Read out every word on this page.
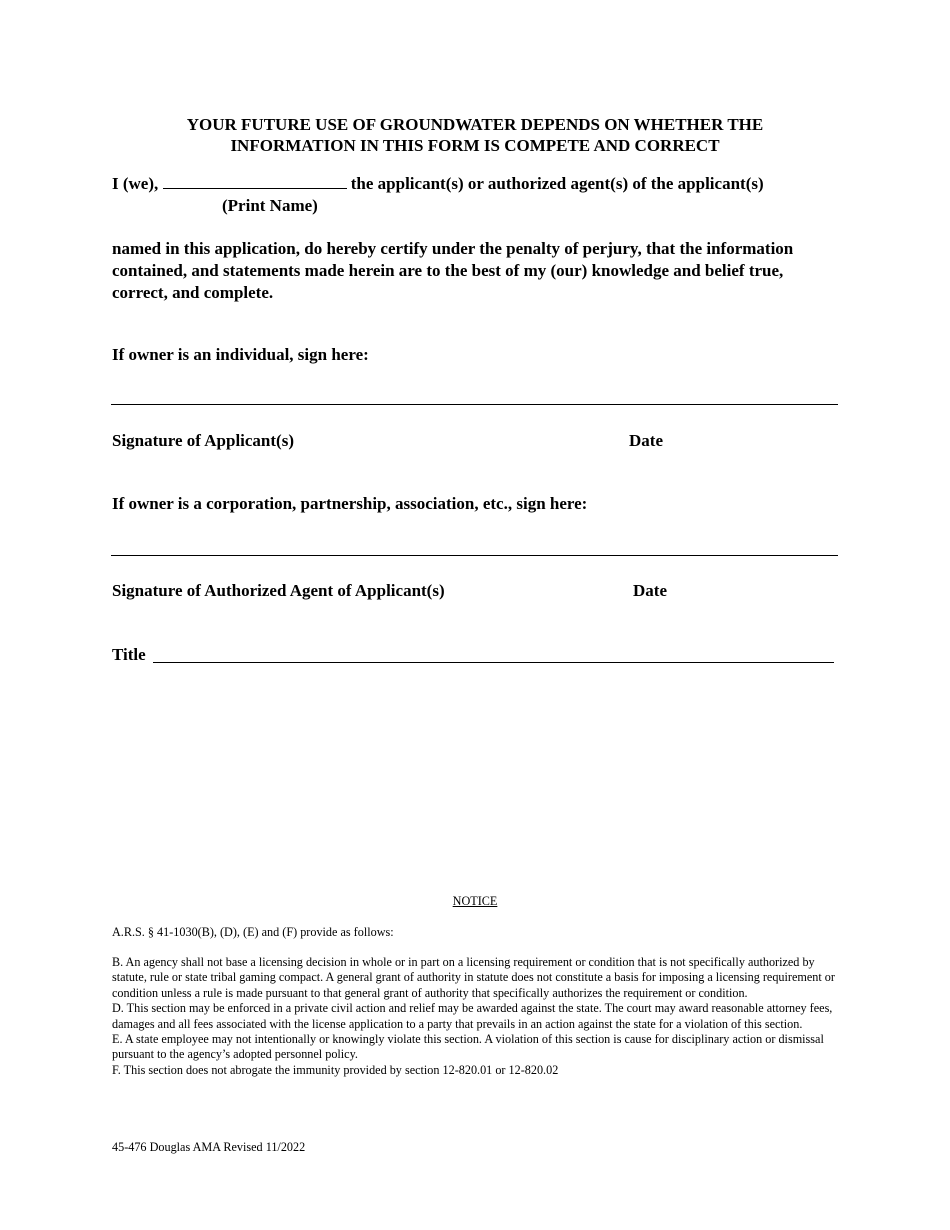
YOUR FUTURE USE OF GROUNDWATER DEPENDS ON WHETHER THE
INFORMATION IN THIS FORM IS COMPETE AND CORRECT
I (we),	the applicant(s) or authorized agent(s) of the applicant(s)
(Print Name)
named in this application, do hereby certify under the penalty of perjury, that the information contained, and statements made herein are to the best of my (our) knowledge and belief true, correct, and complete.
If owner is an individual, sign here:
Signature of Applicant(s)	Date
If owner is a corporation, partnership, association, etc., sign here:
Signature of Authorized Agent of Applicant(s)	Date
Title
NOTICE
A.R.S. § 41-1030(B), (D), (E) and (F) provide as follows:
B. An agency shall not base a licensing decision in whole or in part on a licensing requirement or condition that is not specifically authorized by statute, rule or state tribal gaming compact. A general grant of authority in statute does not constitute a basis for imposing a licensing requirement or condition unless a rule is made pursuant to that general grant of authority that specifically authorizes the requirement or condition.
D. This section may be enforced in a private civil action and relief may be awarded against the state. The court may award reasonable attorney fees, damages and all fees associated with the license application to a party that prevails in an action against the state for a violation of this section.
E. A state employee may not intentionally or knowingly violate this section. A violation of this section is cause for disciplinary action or dismissal pursuant to the agency’s adopted personnel policy.
F. This section does not abrogate the immunity provided by section 12-820.01 or 12-820.02
45-476 Douglas AMA Revised 11/2022
